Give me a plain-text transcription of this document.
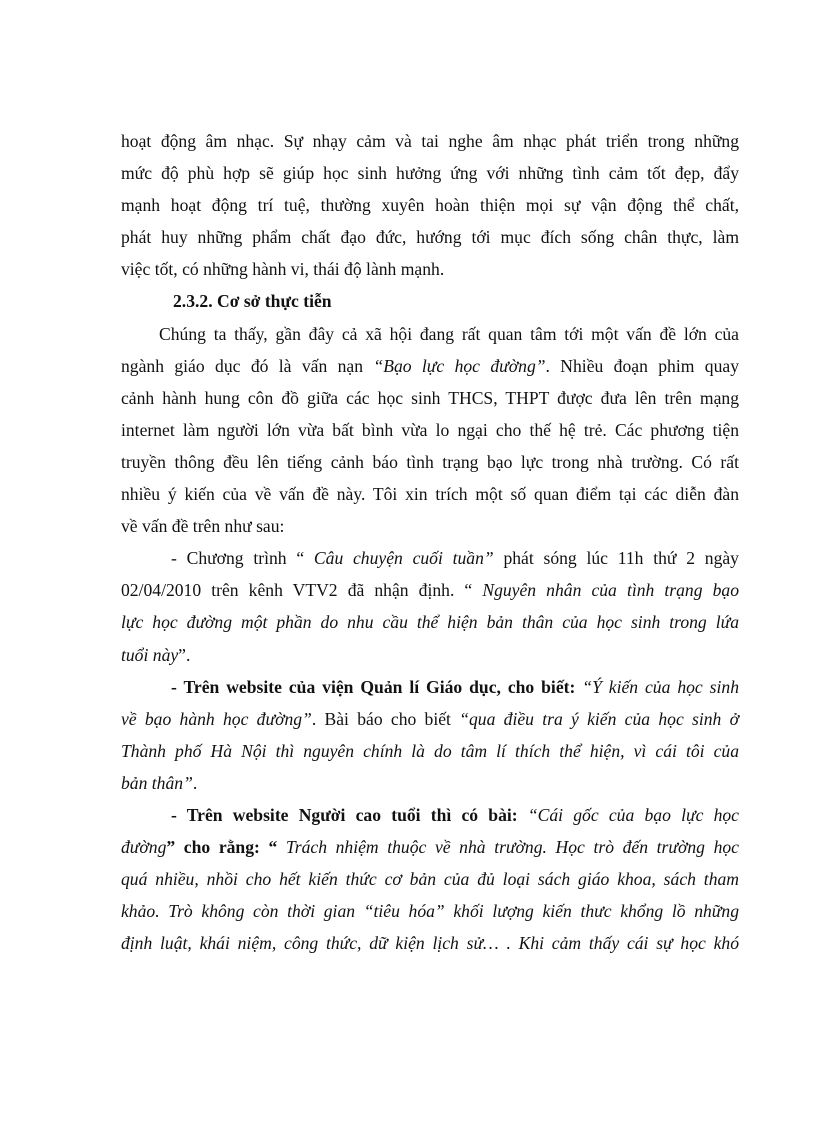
hoạt động âm nhạc. Sự nhạy cảm và tai nghe âm nhạc phát triển trong những
mức độ phù hợp sẽ giúp học sinh hưởng ứng với những tình cảm tốt đẹp, đẩy
mạnh hoạt động trí tuệ, thường xuyên hoàn thiện mọi sự vận động thể chất,
phát huy những phẩm chất đạo đức, hướng tới mục đích sống chân thực, làm
việc tốt, có những hành vi, thái độ lành mạnh.
2.3.2. Cơ sở thực tiễn
Chúng ta thấy, gần đây cả xã hội đang rất quan tâm tới một vấn đề lớn của
ngành giáo dục đó là vấn nạn “Bạo lực học đường”. Nhiều đoạn phim quay
cảnh hành hung côn đồ giữa các học sinh THCS, THPT được đưa lên trên mạng
internet làm người lớn vừa bất bình vừa lo ngại cho thế hệ trẻ. Các phương tiện
truyền thông đều lên tiếng cảnh báo tình trạng bạo lực trong nhà trường. Có rất
nhiều ý kiến của về vấn đề này. Tôi xin trích một số quan điểm tại các diễn đàn
về vấn đề trên như sau:
- Chương trình “ Câu chuyện cuối tuần” phát sóng lúc 11h thứ 2 ngày
02/04/2010 trên kênh VTV2 đã nhận định. “ Nguyên nhân của tình trạng bạo
lực học đường một phần do nhu cầu thể hiện bản thân của học sinh trong lứa
tuổi này”.
- Trên website của viện Quản lí Giáo dục, cho biết: “Ý kiến của học sinh
về bạo hành học đường”. Bài báo cho biết “qua điều tra ý kiến của học sinh ở
Thành phố Hà Nội thì nguyên chính là do tâm lí thích thể hiện, vì cái tôi của
bản thân”.
- Trên website Người cao tuổi thì có bài: “Cái gốc của bạo lực học
đường” cho rằng: “ Trách nhiệm thuộc về nhà trường. Học trò đến trường học
quá nhiều, nhồi cho hết kiến thức cơ bản của đủ loại sách giáo khoa, sách tham
khảo. Trò không còn thời gian “tiêu hóa” khối lượng kiến thưc khổng lồ những
định luật, khái niệm, công thức, dữ kiện lịch sử… . Khi cảm thấy cái sự học khó
